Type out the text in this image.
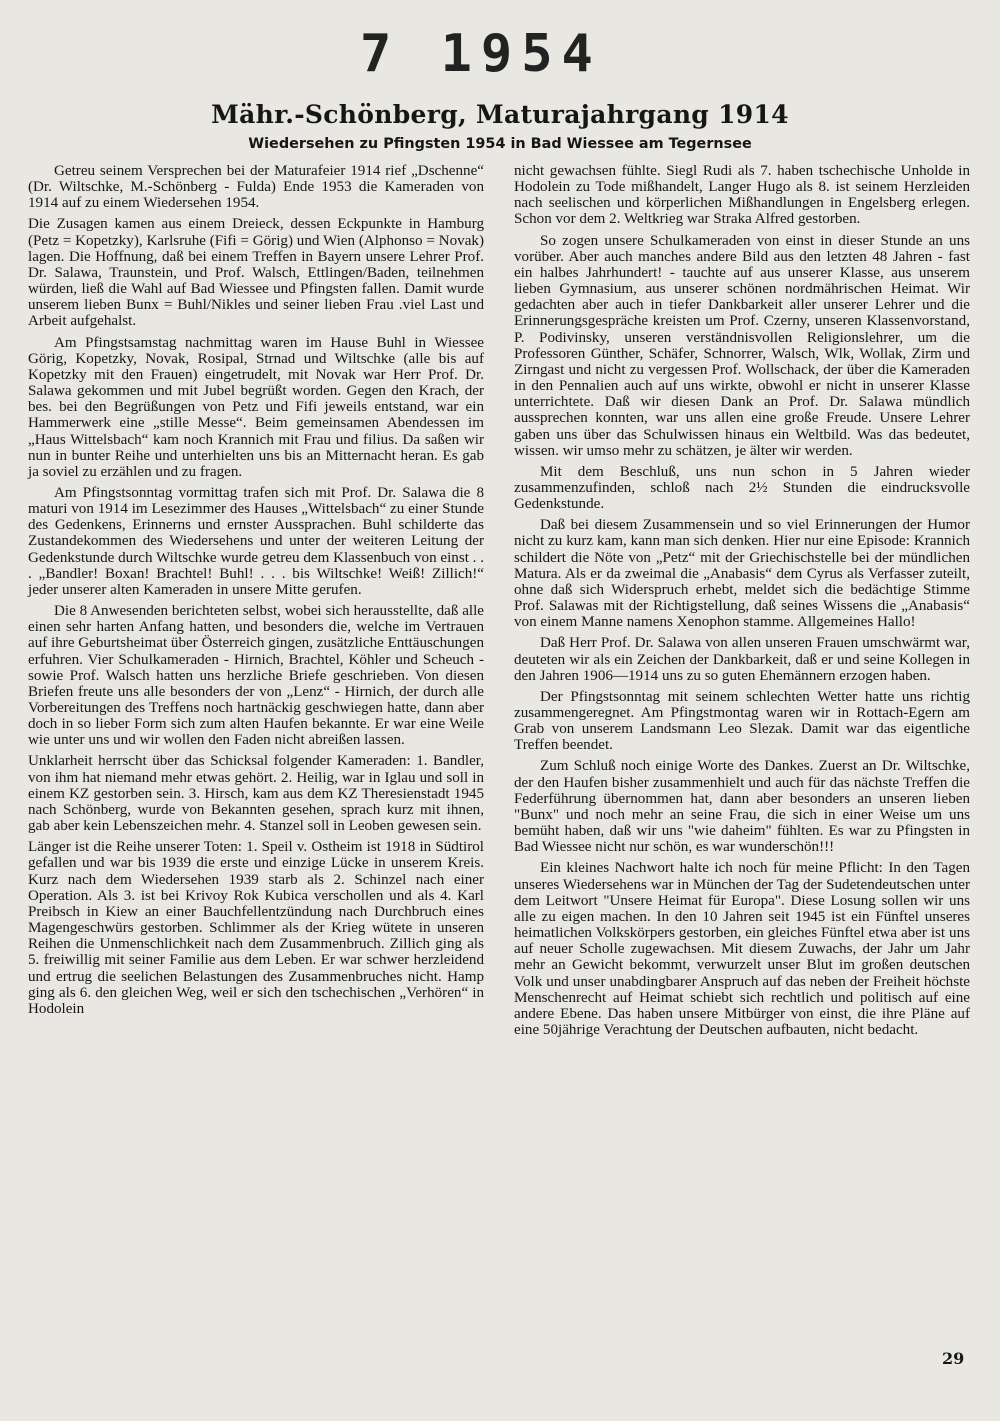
7 1954
Mähr.-Schönberg, Maturajahrgang 1914
Wiedersehen zu Pfingsten 1954 in Bad Wiessee am Tegernsee

Getreu seinem Versprechen bei der Maturafeier 1914 rief „Dschenne“ (Dr. Wiltschke, M.-Schönberg - Fulda) Ende 1953 die Kameraden von 1914 auf zu einem Wiedersehen 1954.

Die Zusagen kamen aus einem Dreieck, dessen Eckpunkte in Hamburg (Petz = Kopetzky), Karlsruhe (Fifi = Görig) und Wien (Alphonso = Novak) lagen. Die Hoffnung, daß bei einem Treffen in Bayern unsere Lehrer Prof. Dr. Salawa, Traunstein, und Prof. Walsch, Ettlingen/Baden, teilnehmen würden, ließ die Wahl auf Bad Wiessee und Pfingsten fallen. Damit wurde unserem lieben Bunx = Buhl/Nikles und seiner lieben Frau .viel Last und Arbeit aufgehalst.

Am Pfingstsamstag nachmittag waren im Hause Buhl in Wiessee Görig, Kopetzky, Novak, Rosipal, Strnad und Wiltschke (alle bis auf Kopetzky mit den Frauen) eingetrudelt, mit Novak war Herr Prof. Dr. Salawa gekommen und mit Jubel begrüßt worden. Gegen den Krach, der bes. bei den Begrüßungen von Petz und Fifi jeweils entstand, war ein Hammerwerk eine „stille Messe“. Beim gemeinsamen Abendessen im „Haus Wittelsbach“ kam noch Krannich mit Frau und filius. Da saßen wir nun in bunter Reihe und unterhielten uns bis an Mitternacht heran. Es gab ja soviel zu erzählen und zu fragen.

Am Pfingstsonntag vormittag trafen sich mit Prof. Dr. Salawa die 8 maturi von 1914 im Lesezimmer des Hauses „Wittelsbach“ zu einer Stunde des Gedenkens, Erinnerns und ernster Aussprachen. Buhl schilderte das Zustandekommen des Wiedersehens und unter der weiteren Leitung der Gedenkstunde durch Wiltschke wurde getreu dem Klassenbuch von einst . . . „Bandler! Boxan! Brachtel! Buhl! . . . bis Wiltschke! Weiß! Zillich!“ jeder unserer alten Kameraden in unsere Mitte gerufen.

Die 8 Anwesenden berichteten selbst, wobei sich herausstellte, daß alle einen sehr harten Anfang hatten, und besonders die, welche im Vertrauen auf ihre Geburtsheimat über Österreich gingen, zusätzliche Enttäuschungen erfuhren. Vier Schulkameraden - Hirnich, Brachtel, Köhler und Scheuch - sowie Prof. Walsch hatten uns herzliche Briefe geschrieben. Von diesen Briefen freute uns alle besonders der von „Lenz“ - Hirnich, der durch alle Vorbereitungen des Treffens noch hartnäckig geschwiegen hatte, dann aber doch in so lieber Form sich zum alten Haufen bekannte. Er war eine Weile wie unter uns und wir wollen den Faden nicht abreißen lassen.

Unklarheit herrscht über das Schicksal folgender Kameraden: 1. Bandler, von ihm hat niemand mehr etwas gehört. 2. Heilig, war in Iglau und soll in einem KZ gestorben sein. 3. Hirsch, kam aus dem KZ Theresienstadt 1945 nach Schönberg, wurde von Bekannten gesehen, sprach kurz mit ihnen, gab aber kein Lebenszeichen mehr. 4. Stanzel soll in Leoben gewesen sein.

Länger ist die Reihe unserer Toten: 1. Speil v. Ostheim ist 1918 in Südtirol gefallen und war bis 1939 die erste und einzige Lücke in unserem Kreis. Kurz nach dem Wiedersehen 1939 starb als 2. Schinzel nach einer Operation. Als 3. ist bei Krivoy Rok Kubica verschollen und als 4. Karl Preibsch in Kiew an einer Bauchfellentzündung nach Durchbruch eines Magengeschwürs gestorben. Schlimmer als der Krieg wütete in unseren Reihen die Unmenschlichkeit nach dem Zusammenbruch. Zillich ging als 5. freiwillig mit seiner Familie aus dem Leben. Er war schwer herzleidend und ertrug die seelichen Belastungen des Zusammenbruches nicht. Hamp ging als 6. den gleichen Weg, weil er sich den tschechischen „Verhören“ in Hodolein

nicht gewachsen fühlte. Siegl Rudi als 7. haben tschechische Unholde in Hodolein zu Tode mißhandelt, Langer Hugo als 8. ist seinem Herzleiden nach seelischen und körperlichen Mißhandlungen in Engelsberg erlegen. Schon vor dem 2. Weltkrieg war Straka Alfred gestorben.

So zogen unsere Schulkameraden von einst in dieser Stunde an uns vorüber. Aber auch manches andere Bild aus den letzten 48 Jahren - fast ein halbes Jahrhundert! - tauchte auf aus unserer Klasse, aus unserem lieben Gymnasium, aus unserer schönen nordmährischen Heimat. Wir gedachten aber auch in tiefer Dankbarkeit aller unserer Lehrer und die Erinnerungsgespräche kreisten um Prof. Czerny, unseren Klassenvorstand, P. Podivinsky, unseren verständnisvollen Religionslehrer, um die Professoren Günther, Schäfer, Schnorrer, Walsch, Wlk, Wollak, Zirm und Zirngast und nicht zu vergessen Prof. Wollschack, der über die Kameraden in den Pennalien auch auf uns wirkte, obwohl er nicht in unserer Klasse unterrichtete. Daß wir diesen Dank an Prof. Dr. Salawa mündlich aussprechen konnten, war uns allen eine große Freude. Unsere Lehrer gaben uns über das Schulwissen hinaus ein Weltbild. Was das bedeutet, wissen. wir umso mehr zu schätzen, je älter wir werden.

Mit dem Beschluß, uns nun schon in 5 Jahren wieder zusammenzufinden, schloß nach 2½ Stunden die eindrucksvolle Gedenkstunde.

Daß bei diesem Zusammensein und so viel Erinnerungen der Humor nicht zu kurz kam, kann man sich denken. Hier nur eine Episode: Krannich schildert die Nöte von „Petz“ mit der Griechischstelle bei der mündlichen Matura. Als er da zweimal die „Anabasis“ dem Cyrus als Verfasser zuteilt, ohne daß sich Widerspruch erhebt, meldet sich die bedächtige Stimme Prof. Salawas mit der Richtigstellung, daß seines Wissens die „Anabasis“ von einem Manne namens Xenophon stamme. Allgemeines Hallo!

Daß Herr Prof. Dr. Salawa von allen unseren Frauen umschwärmt war, deuteten wir als ein Zeichen der Dankbarkeit, daß er und seine Kollegen in den Jahren 1906—1914 uns zu so guten Ehemännern erzogen haben.

Der Pfingstsonntag mit seinem schlechten Wetter hatte uns richtig zusammengeregnet. Am Pfingstmontag waren wir in Rottach-Egern am Grab von unserem Landsmann Leo Slezak. Damit war das eigentliche Treffen beendet.

Zum Schluß noch einige Worte des Dankes. Zuerst an Dr. Wiltschke, der den Haufen bisher zusammenhielt und auch für das nächste Treffen die Federführung übernommen hat, dann aber besonders an unseren lieben "Bunx" und noch mehr an seine Frau, die sich in einer Weise um uns bemüht haben, daß wir uns "wie daheim" fühlten. Es war zu Pfingsten in Bad Wiessee nicht nur schön, es war wunderschön!!!

Ein kleines Nachwort halte ich noch für meine Pflicht: In den Tagen unseres Wiedersehens war in München der Tag der Sudetendeutschen unter dem Leitwort "Unsere Heimat für Europa". Diese Losung sollen wir uns alle zu eigen machen. In den 10 Jahren seit 1945 ist ein Fünftel unseres heimatlichen Volkskörpers gestorben, ein gleiches Fünftel etwa aber ist uns auf neuer Scholle zugewachsen. Mit diesem Zuwachs, der Jahr um Jahr mehr an Gewicht bekommt, verwurzelt unser Blut im großen deutschen Volk und unser unabdingbarer Anspruch auf das neben der Freiheit höchste Menschenrecht auf Heimat schiebt sich rechtlich und politisch auf eine andere Ebene. Das haben unsere Mitbürger von einst, die ihre Pläne auf eine 50jährige Verachtung der Deutschen aufbauten, nicht bedacht.

29
